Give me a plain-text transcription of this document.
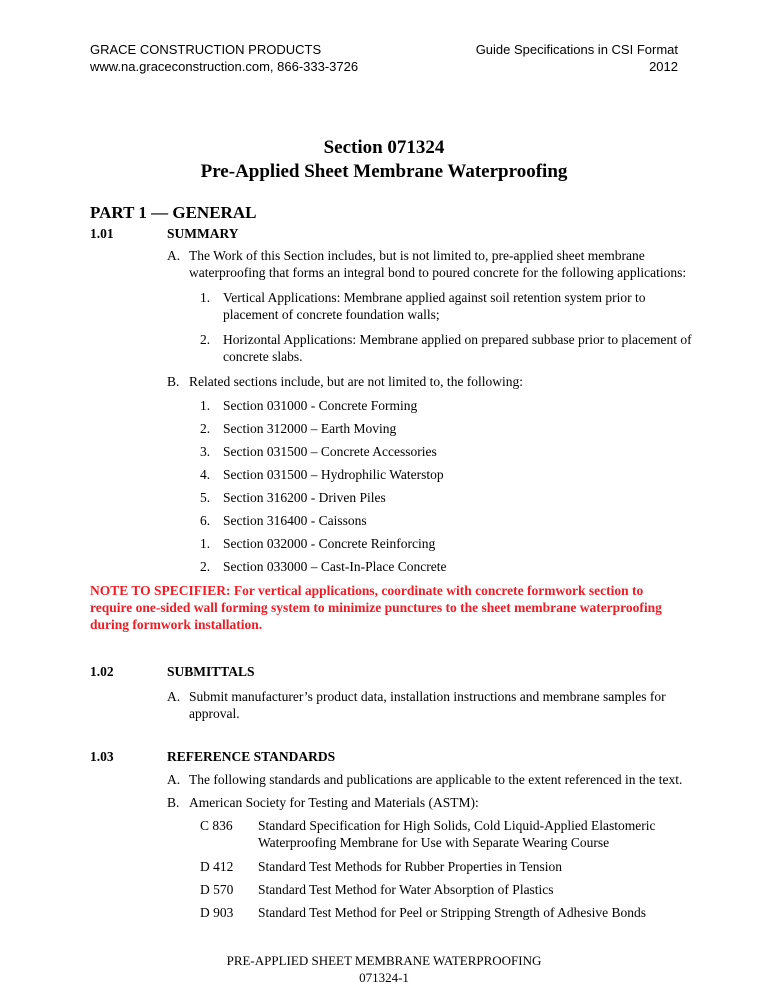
GRACE CONSTRUCTION PRODUCTS
www.na.graceconstruction.com, 866-333-3726
Guide Specifications in CSI Format
2012
Section 071324
Pre-Applied Sheet Membrane Waterproofing
PART 1 — GENERAL
1.01	SUMMARY
A. The Work of this Section includes, but is not limited to, pre-applied sheet membrane
waterproofing that forms an integral bond to poured concrete for the following applications:
1. Vertical Applications: Membrane applied against soil retention system prior to
placement of concrete foundation walls;
2. Horizontal Applications: Membrane applied on prepared subbase prior to placement of
concrete slabs.
B. Related sections include, but are not limited to, the following:
1. Section 031000 - Concrete Forming
2. Section 312000 – Earth Moving
3. Section 031500 – Concrete Accessories
4. Section 031500 – Hydrophilic Waterstop
5. Section 316200 - Driven Piles
6. Section 316400 - Caissons
1. Section 032000 - Concrete Reinforcing
2. Section 033000 – Cast-In-Place Concrete
NOTE TO SPECIFIER: For vertical applications, coordinate with concrete formwork section to
require one-sided wall forming system to minimize punctures to the sheet membrane waterproofing
during formwork installation.
1.02	SUBMITTALS
A. Submit manufacturer’s product data, installation instructions and membrane samples for
approval.
1.03	REFERENCE STANDARDS
A. The following standards and publications are applicable to the extent referenced in the text.
B. American Society for Testing and Materials (ASTM):
C 836 Standard Specification for High Solids, Cold Liquid-Applied Elastomeric
Waterproofing Membrane for Use with Separate Wearing Course
D 412 Standard Test Methods for Rubber Properties in Tension
D 570 Standard Test Method for Water Absorption of Plastics
D 903 Standard Test Method for Peel or Stripping Strength of Adhesive Bonds
PRE-APPLIED SHEET MEMBRANE WATERPROOFING
071324-1
